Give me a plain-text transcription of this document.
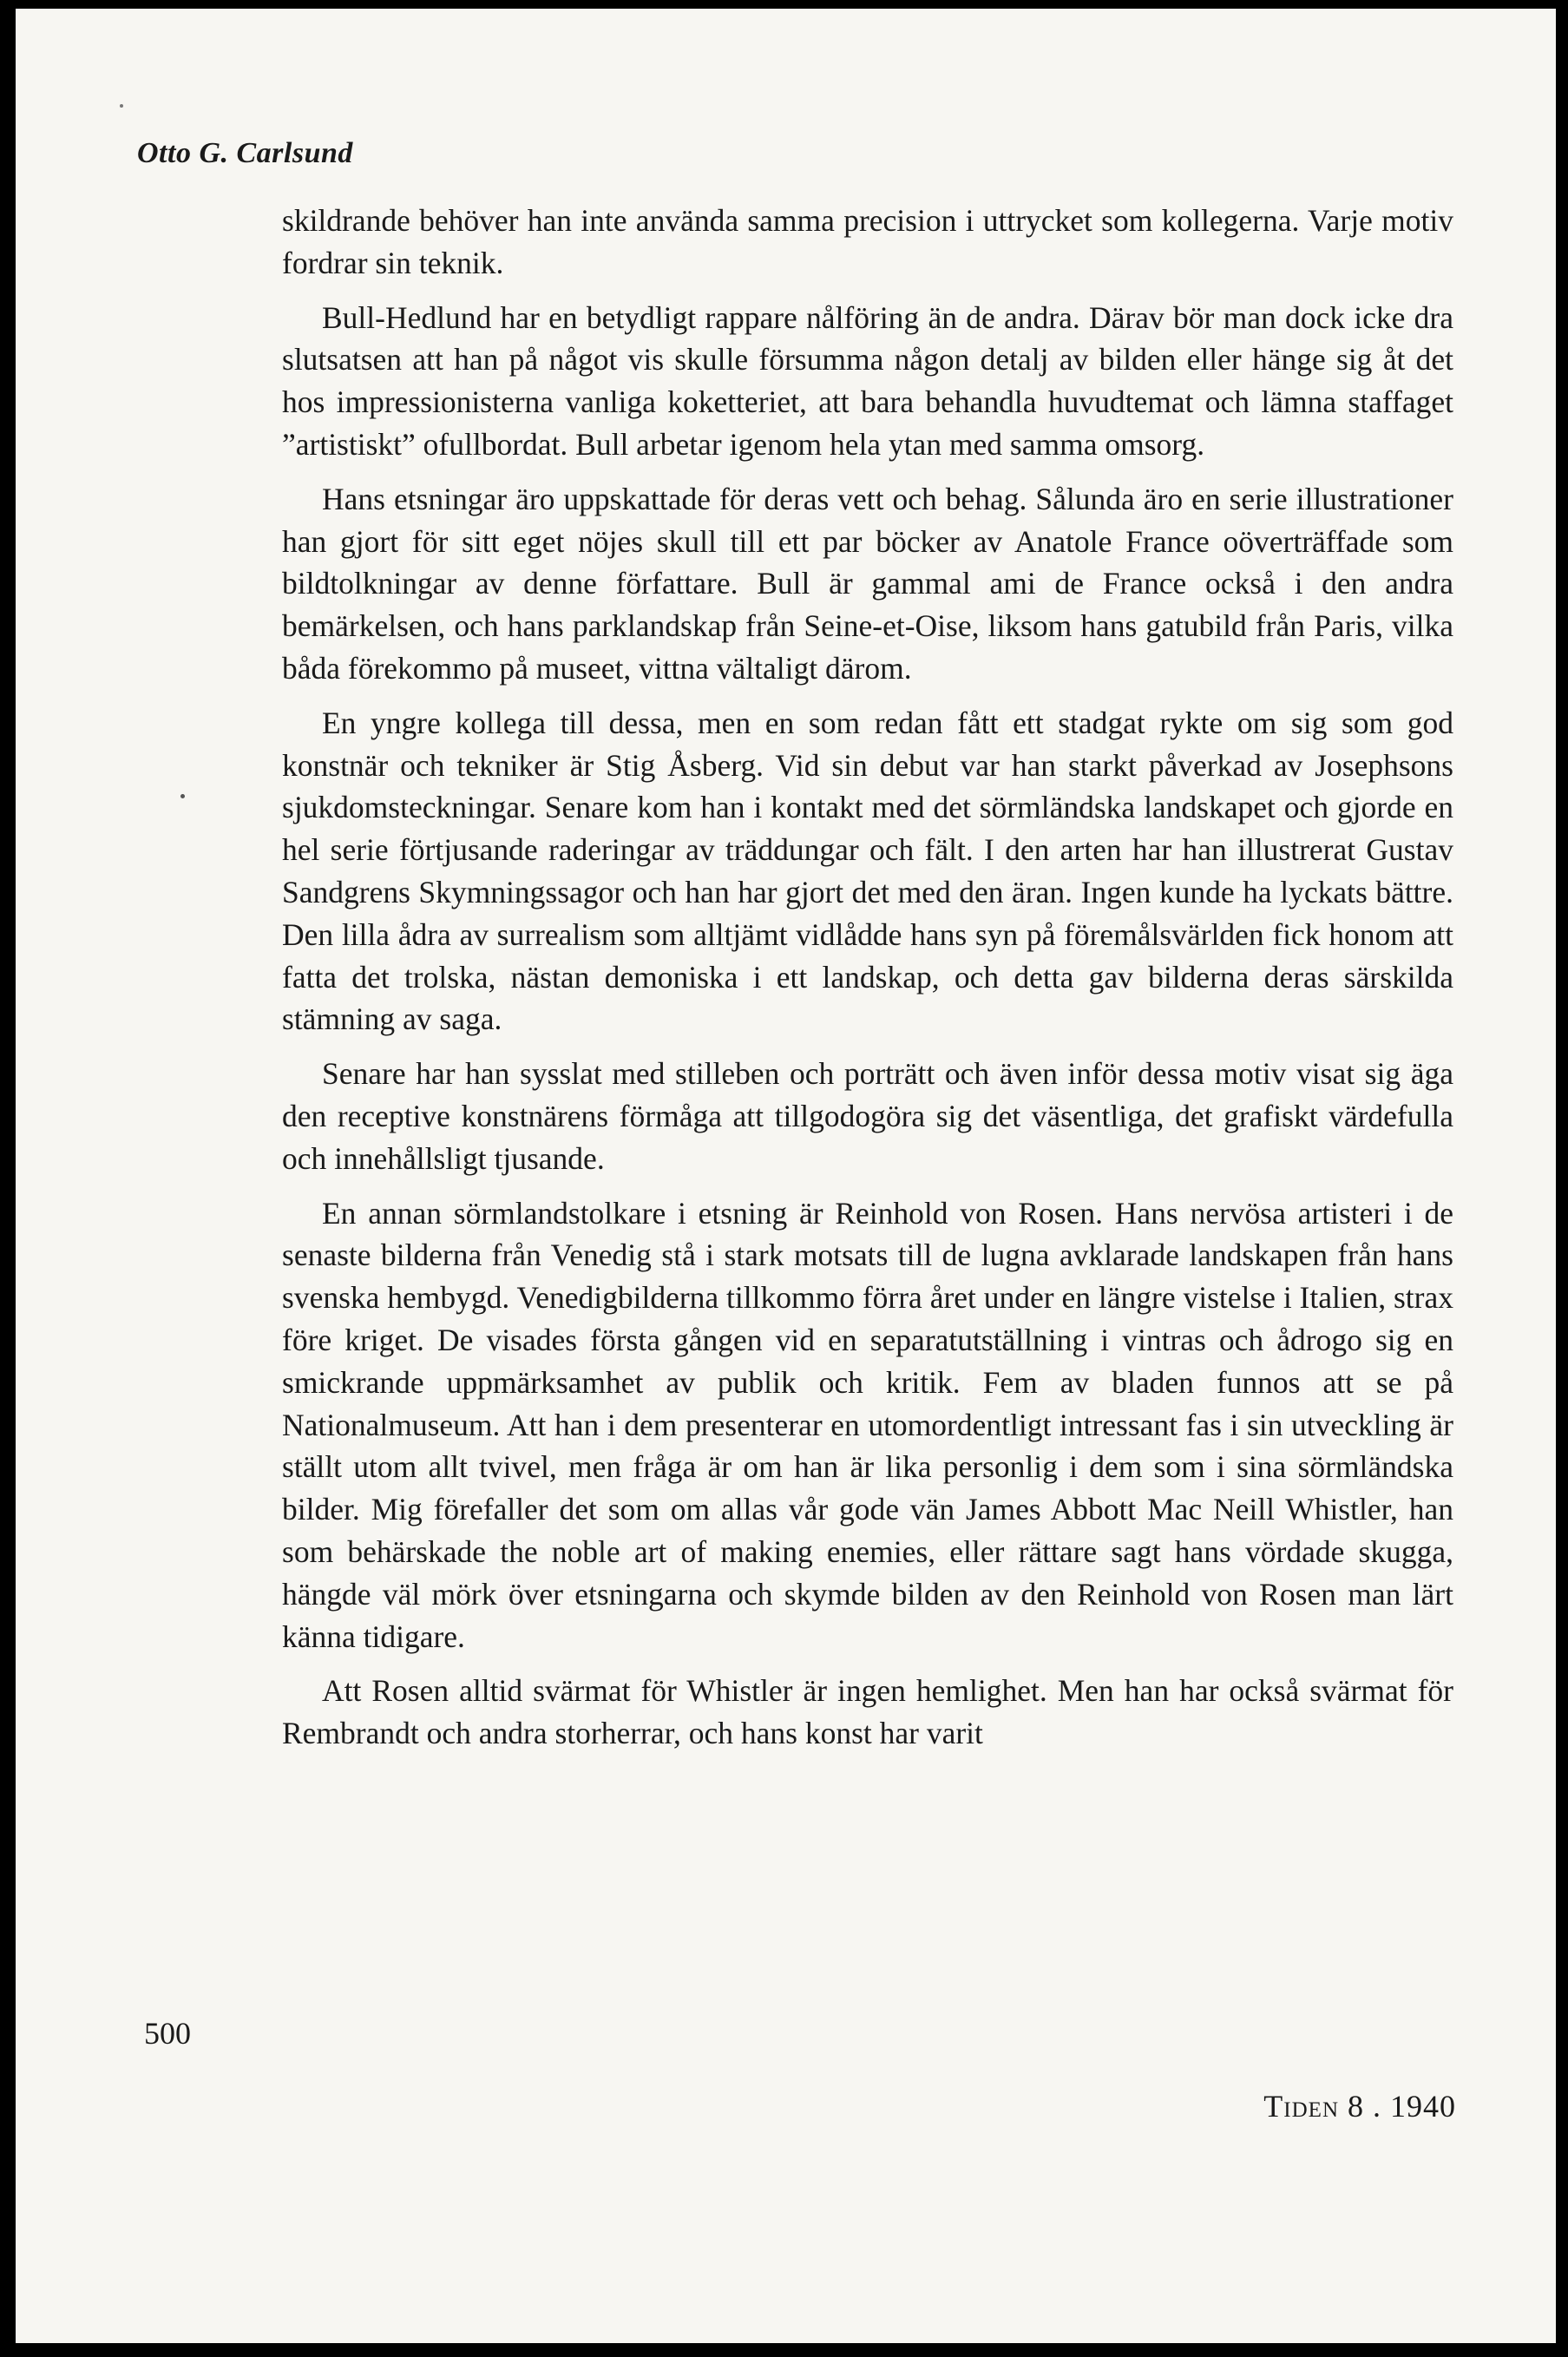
Otto G. Carlsund

skildrande behöver han inte använda samma precision i uttrycket som kollegerna. Varje motiv fordrar sin teknik.

Bull-Hedlund har en betydligt rappare nålföring än de andra. Därav bör man dock icke dra slutsatsen att han på något vis skulle försumma någon detalj av bilden eller hänge sig åt det hos impressionisterna vanliga koketteriet, att bara behandla huvudtemat och lämna staffaget ”artistiskt” ofullbordat. Bull arbetar igenom hela ytan med samma omsorg.

Hans etsningar äro uppskattade för deras vett och behag. Sålunda äro en serie illustrationer han gjort för sitt eget nöjes skull till ett par böcker av Anatole France oöverträffade som bildtolkningar av denne författare. Bull är gammal ami de France också i den andra bemärkelsen, och hans parklandskap från Seine-et-Oise, liksom hans gatubild från Paris, vilka båda förekommo på museet, vittna vältaligt därom.

En yngre kollega till dessa, men en som redan fått ett stadgat rykte om sig som god konstnär och tekniker är Stig Åsberg. Vid sin debut var han starkt påverkad av Josephsons sjukdomsteckningar. Senare kom han i kontakt med det sörmländska landskapet och gjorde en hel serie förtjusande raderingar av träddungar och fält. I den arten har han illustrerat Gustav Sandgrens Skymningssagor och han har gjort det med den äran. Ingen kunde ha lyckats bättre. Den lilla ådra av surrealism som alltjämt vidlådde hans syn på föremålsvärlden fick honom att fatta det trolska, nästan demoniska i ett landskap, och detta gav bilderna deras särskilda stämning av saga.

Senare har han sysslat med stilleben och porträtt och även inför dessa motiv visat sig äga den receptive konstnärens förmåga att tillgodogöra sig det väsentliga, det grafiskt värdefulla och innehållsligt tjusande.

En annan sörmlandstolkare i etsning är Reinhold von Rosen. Hans nervösa artisteri i de senaste bilderna från Venedig stå i stark motsats till de lugna avklarade landskapen från hans svenska hembygd. Venedigbilderna tillkommo förra året under en längre vistelse i Italien, strax före kriget. De visades första gången vid en separatutställning i vintras och ådrogo sig en smickrande uppmärksamhet av publik och kritik. Fem av bladen funnos att se på Nationalmuseum. Att han i dem presenterar en utomordentligt intressant fas i sin utveckling är ställt utom allt tvivel, men fråga är om han är lika personlig i dem som i sina sörmländska bilder. Mig förefaller det som om allas vår gode vän James Abbott Mac Neill Whistler, han som behärskade the noble art of making enemies, eller rättare sagt hans vördade skugga, hängde väl mörk över etsningarna och skymde bilden av den Reinhold von Rosen man lärt känna tidigare.

Att Rosen alltid svärmat för Whistler är ingen hemlighet. Men han har också svärmat för Rembrandt och andra storherrar, och hans konst har varit

500
Tiden 8 . 1940
